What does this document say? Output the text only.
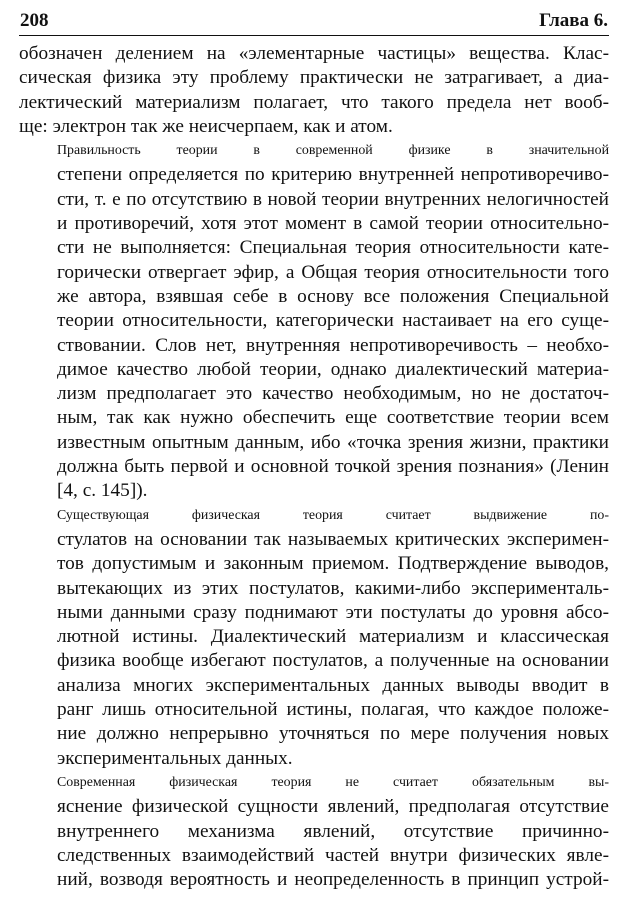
208	Глава 6.
обозначен делением на «элементарные частицы» вещества. Клас-
сическая физика эту проблему практически не затрагивает, а диа-
лектический материализм полагает, что такого предела нет вооб-
ще: электрон так же неисчерпаем, как и атом.
Правильность теории в современной физике в значительной
степени определяется по критерию внутренней непротиворечиво-
сти, т. е по отсутствию в новой теории внутренних нелогичностей
и противоречий, хотя этот момент в самой теории относительно-
сти не выполняется: Специальная теория относительности кате-
горически отвергает эфир, а Общая теория относительности того
же автора, взявшая себе в основу все положения Специальной
теории относительности, категорически настаивает на его суще-
ствовании. Слов нет, внутренняя непротиворечивость – необхо-
димое качество любой теории, однако диалектический материа-
лизм предполагает это качество необходимым, но не достаточ-
ным, так как нужно обеспечить еще соответствие теории всем
известным опытным данным, ибо «точка зрения жизни, практики
должна быть первой и основной точкой зрения познания» (Ленин
[4, с. 145]).
Существующая физическая теория считает выдвижение по-
стулатов на основании так называемых критических эксперимен-
тов допустимым и законным приемом. Подтверждение выводов,
вытекающих из этих постулатов, какими-либо эксперименталь-
ными данными сразу поднимают эти постулаты до уровня абсо-
лютной истины. Диалектический материализм и классическая
физика вообще избегают постулатов, а полученные на основании
анализа многих экспериментальных данных выводы вводит в
ранг лишь относительной истины, полагая, что каждое положе-
ние должно непрерывно уточняться по мере получения новых
экспериментальных данных.
Современная физическая теория не считает обязательным вы-
яснение физической сущности явлений, предполагая отсутствие
внутреннего механизма явлений, отсутствие причинно-
следственных взаимодействий частей внутри физических явле-
ний, возводя вероятность и неопределенность в принцип устрой-
